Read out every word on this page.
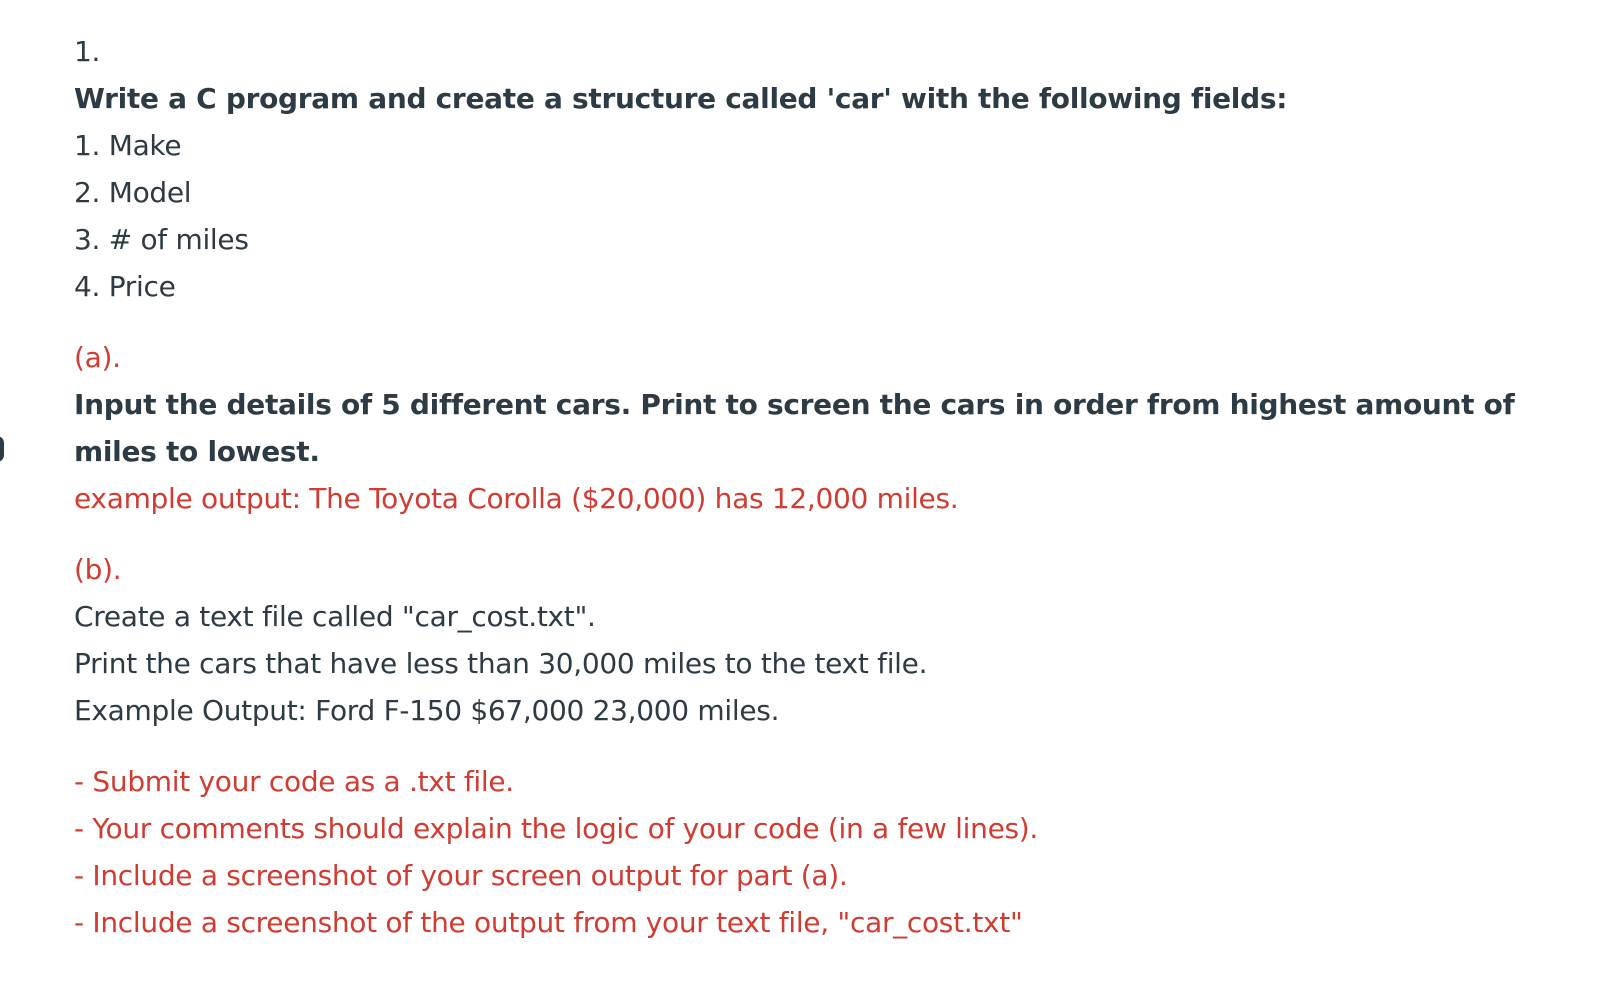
1.
Write a C program and create a structure called 'car' with the following fields:
1. Make
2. Model
3. # of miles
4. Price
(a).
Input the details of 5 different cars. Print to screen the cars in order from highest amount of
miles to lowest.
example output: The Toyota Corolla ($20,000) has 12,000 miles.
(b).
Create a text file called "car_cost.txt".
Print the cars that have less than 30,000 miles to the text file.
Example Output: Ford F-150 $67,000 23,000 miles.
- Submit your code as a .txt file.
- Your comments should explain the logic of your code (in a few lines).
- Include a screenshot of your screen output for part (a).
- Include a screenshot of the output from your text file, "car_cost.txt"
